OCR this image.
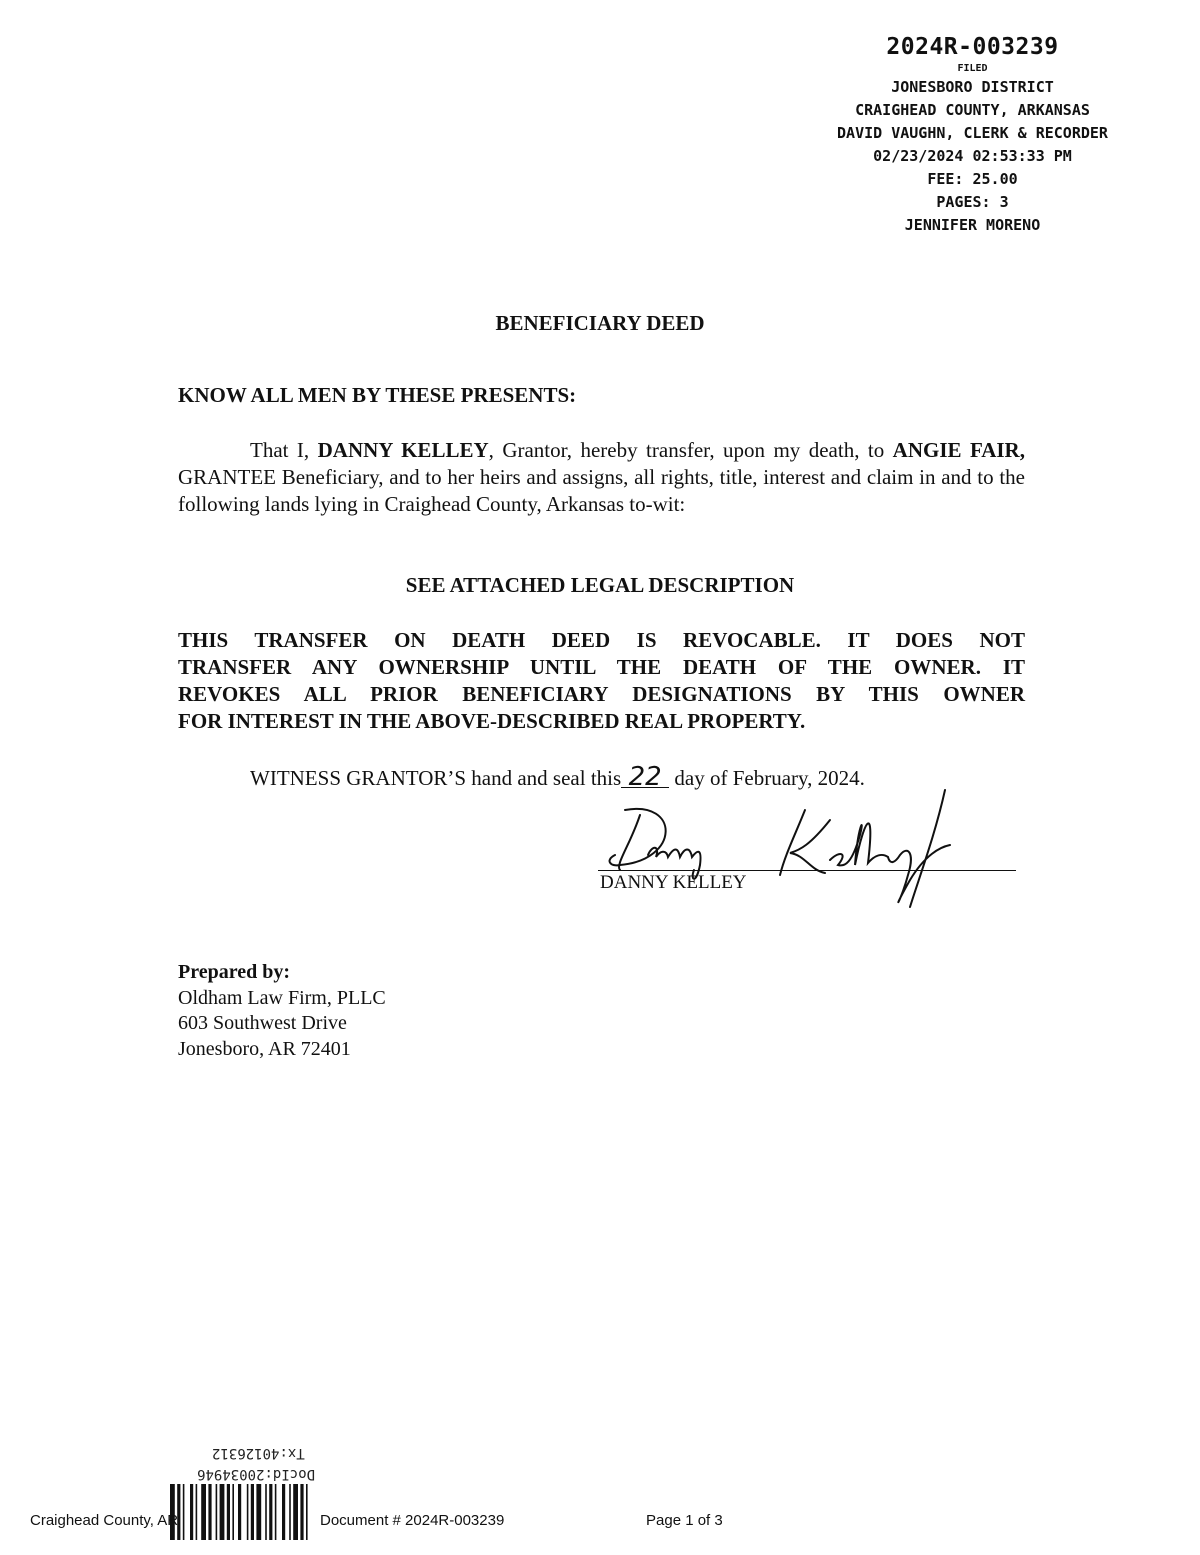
2024R-003239
FILED
JONESBORO DISTRICT
CRAIGHEAD COUNTY, ARKANSAS
DAVID VAUGHN, CLERK & RECORDER
02/23/2024 02:53:33 PM
FEE: 25.00
PAGES: 3
JENNIFER MORENO
BENEFICIARY DEED
KNOW ALL MEN BY THESE PRESENTS:
That I, DANNY KELLEY, Grantor, hereby transfer, upon my death, to ANGIE FAIR, GRANTEE Beneficiary, and to her heirs and assigns, all rights, title, interest and claim in and to the following lands lying in Craighead County, Arkansas to-wit:
SEE ATTACHED LEGAL DESCRIPTION
THIS TRANSFER ON DEATH DEED IS REVOCABLE. IT DOES NOT
TRANSFER ANY OWNERSHIP UNTIL THE DEATH OF THE OWNER. IT
REVOKES ALL PRIOR BENEFICIARY DESIGNATIONS BY THIS OWNER
FOR INTEREST IN THE ABOVE-DESCRIBED REAL PROPERTY.
WITNESS GRANTOR’S hand and seal this 22 day of February, 2024.
DANNY KELLEY
Prepared by:
Oldham Law Firm, PLLC
603 Southwest Drive
Jonesboro, AR 72401
Tx:40126312
DocId:20034946
Craighead County, AR	Document # 2024R-003239	Page 1 of 3
